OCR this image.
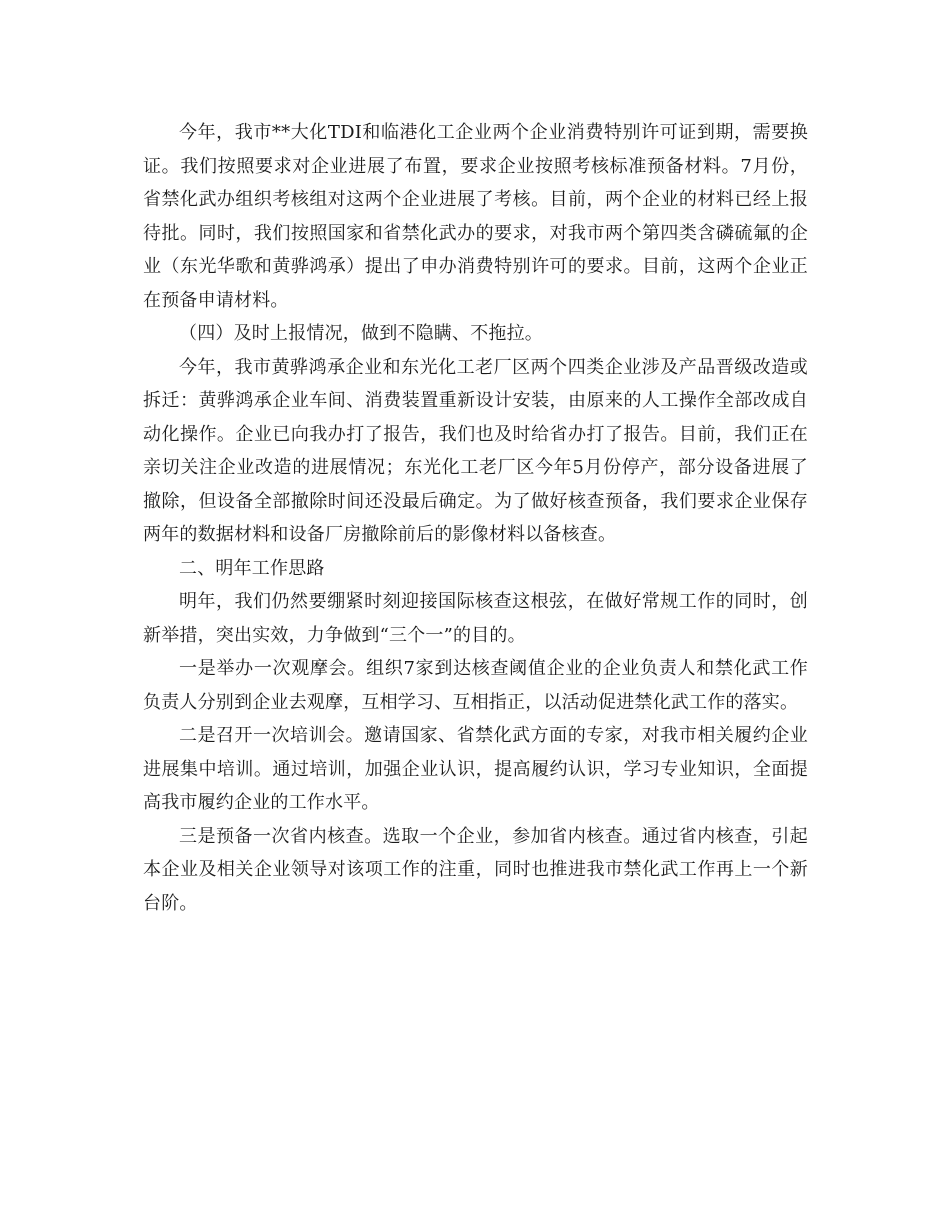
今年，我市**大化TDI和临港化工企业两个企业消费特别许可证到期，需要换证。我们按照要求对企业进展了布置，要求企业按照考核标准预备材料。7月份，省禁化武办组织考核组对这两个企业进展了考核。目前，两个企业的材料已经上报待批。同时，我们按照国家和省禁化武办的要求，对我市两个第四类含磷硫氟的企业（东光华歌和黄骅鸿承）提出了申办消费特别许可的要求。目前，这两个企业正在预备申请材料。

（四）及时上报情况，做到不隐瞒、不拖拉。

今年，我市黄骅鸿承企业和东光化工老厂区两个四类企业涉及产品晋级改造或拆迁：黄骅鸿承企业车间、消费装置重新设计安装，由原来的人工操作全部改成自动化操作。企业已向我办打了报告，我们也及时给省办打了报告。目前，我们正在亲切关注企业改造的进展情况；东光化工老厂区今年5月份停产，部分设备进展了撤除，但设备全部撤除时间还没最后确定。为了做好核查预备，我们要求企业保存两年的数据材料和设备厂房撤除前后的影像材料以备核查。

二、明年工作思路

明年，我们仍然要绷紧时刻迎接国际核查这根弦，在做好常规工作的同时，创新举措，突出实效，力争做到“三个一”的目的。

一是举办一次观摩会。组织7家到达核查阈值企业的企业负责人和禁化武工作负责人分别到企业去观摩，互相学习、互相指正，以活动促进禁化武工作的落实。

二是召开一次培训会。邀请国家、省禁化武方面的专家，对我市相关履约企业进展集中培训。通过培训，加强企业认识，提高履约认识，学习专业知识，全面提高我市履约企业的工作水平。

三是预备一次省内核查。选取一个企业，参加省内核查。通过省内核查，引起本企业及相关企业领导对该项工作的注重，同时也推进我市禁化武工作再上一个新台阶。
